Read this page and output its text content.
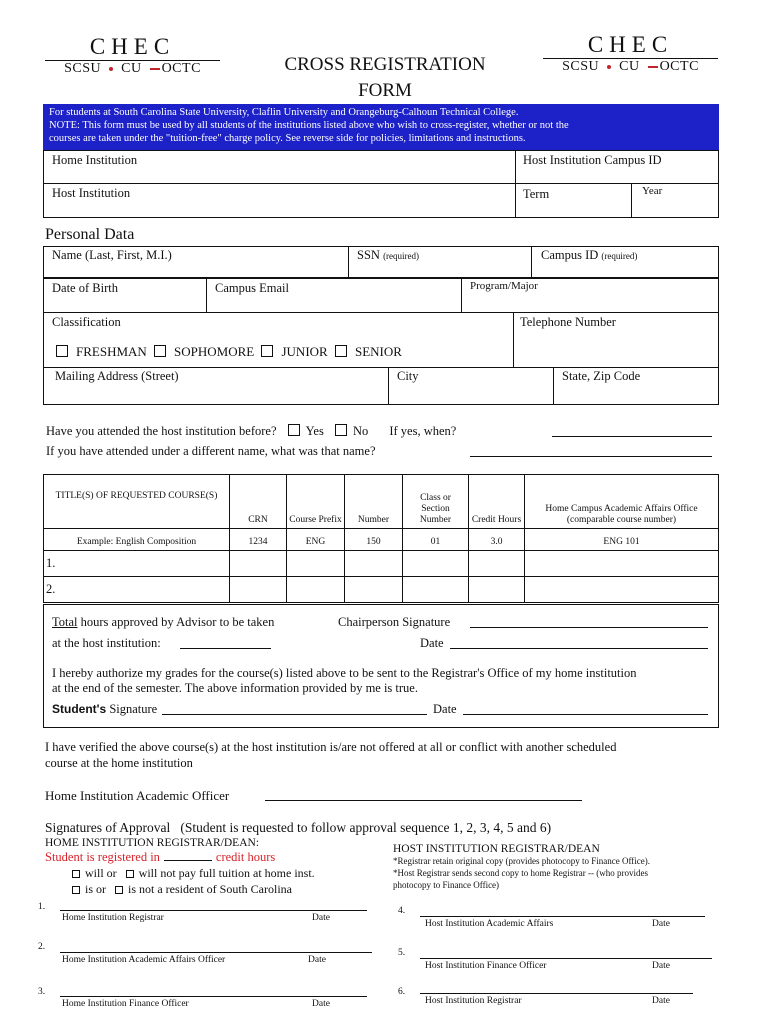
CHEC
SCSU CU OCTC
CHEC
SCSU CU OCTC
CROSS REGISTRATION
FORM
For students at South Carolina State University, Claflin University and Orangeburg-Calhoun Technical College.
NOTE: This form must be used by all students of the institutions listed above who wish to cross-register, whether or not the
courses are taken under the "tuition-free" charge policy. See reverse side for policies, limitations and instructions.
Home Institution	Host Institution Campus ID
Host Institution	Term	Year
Personal Data
Name (Last, First, M.I.)	SSN (required)	Campus ID (required)
Date of Birth	Campus Email	Program/Major
Classification
FRESHMAN SOPHOMORE JUNIOR SENIOR
Telephone Number
Mailing Address (Street)	City	State, Zip Code
Have you attended the host institution before? Yes No If yes, when?
If you have attended under a different name, what was that name?
TITLE(S) OF REQUESTED COURSE(S)	CRN	Course Prefix	Number	Class or Section Number	Credit Hours	Home Campus Academic Affairs Office (comparable course number)
Example: English Composition	1234	ENG	150	01	3.0	ENG 101
1.						
2.						
Total hours approved by Advisor to be taken
at the host institution:
Chairperson Signature
Date
I hereby authorize my grades for the course(s) listed above to be sent to the Registrar's Office of my home institution
at the end of the semester. The above information provided by me is true.
Student's Signature	Date
I have verified the above course(s) at the host institution is/are not offered at all or conflict with another scheduled
course at the home institution
Home Institution Academic Officer
Signatures of Approval (Student is requested to follow approval sequence 1, 2, 3, 4, 5 and 6)
HOME INSTITUTION REGISTRAR/DEAN:
Student is registered in	credit hours
will or will not pay full tuition at home inst.
is or is not a resident of South Carolina
HOST INSTITUTION REGISTRAR/DEAN
*Registrar retain original copy (provides photocopy to Finance Office).
*Host Registrar sends second copy to home Registrar -- (who provides
photocopy to Finance Office)
1.
Home Institution Registrar	Date
2.
Home Institution Academic Affairs Officer	Date
3.
Home Institution Finance Officer	Date
4.
Host Institution Academic Affairs	Date
5.
Host Institution Finance Officer	Date
6.
Host Institution Registrar	Date
